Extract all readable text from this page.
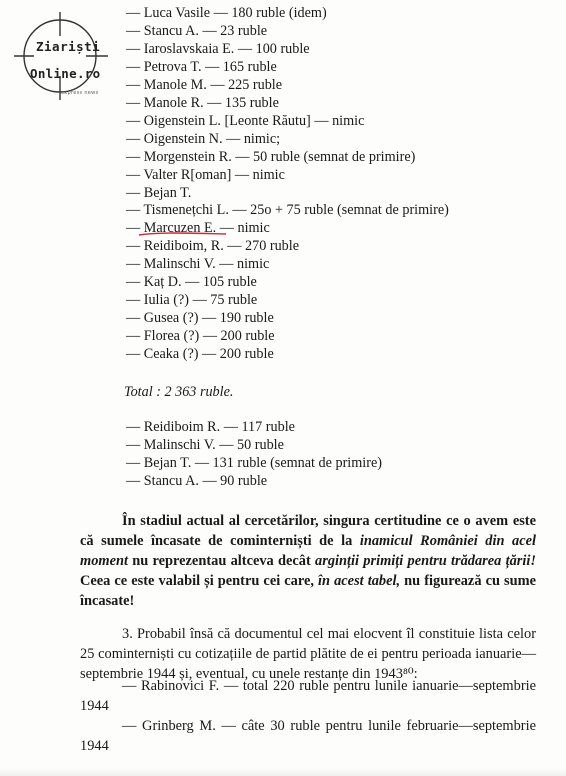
Ziariști
Online.ro
express news
— Luca Vasile — 180 ruble (idem)
— Stancu A. — 23 ruble
— Iaroslavskaia E. — 100 ruble
— Petrova T. — 165 ruble
— Manole M. — 225 ruble
— Manole R. — 135 ruble
— Oigenstein L. [Leonte Răutu] — nimic
— Oigenstein N. — nimic;
— Morgenstein R. — 50 ruble (semnat de primire)
— Valter R[oman] — nimic
— Bejan T.
— Tismenețchi L. — 25o + 75 ruble (semnat de primire)
— Marcuzen E. — nimic
— Reidiboim, R. — 270 ruble
— Malinschi V. — nimic
— Kaț D. — 105 ruble
— Iulia (?) — 75 ruble
— Gusea (?) — 190 ruble
— Florea (?) — 200 ruble
— Ceaka (?) — 200 ruble
Total : 2 363 ruble.
— Reidiboim R. — 117 ruble
— Malinschi V. — 50 ruble
— Bejan T. — 131 ruble (semnat de primire)
— Stancu A. — 90 ruble
În stadiul actual al cercetărilor, singura certitudine ce o avem este că sumele încasate de cominterniști de la inamicul României din acel moment nu reprezentau altceva decât arginții primiți pentru trădarea țării! Ceea ce este valabil și pentru cei care, în acest tabel, nu figurează cu sume încasate!
3. Probabil însă că documentul cel mai elocvent îl constituie lista celor 25 cominterniști cu cotizațiile de partid plătite de ei pentru perioada ianuarie—septembrie 1944 și, eventual, cu unele restanțe din 1943⁸⁰:
— Rabinovici F. — total 220 ruble pentru lunile ianuarie—septembrie 1944
— Grinberg M. — câte 30 ruble pentru lunile februarie—septembrie 1944
